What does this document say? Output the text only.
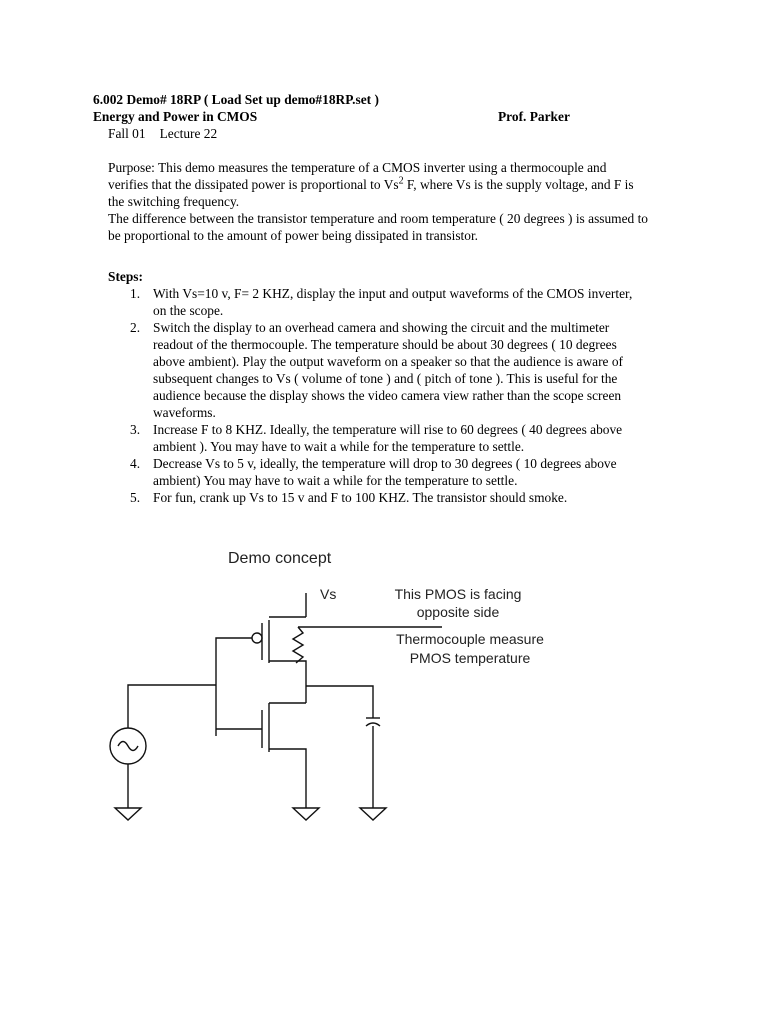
6.002 Demo# 18RP ( Load Set up demo#18RP.set )
Energy and Power in CMOS	Prof. Parker
Fall 01 Lecture 22

Purpose: This demo measures the temperature of a CMOS inverter using a thermocouple and verifies that the dissipated power is proportional to Vs$^2$ F, where Vs is the supply voltage, and F is the switching frequency.

The difference between the transistor temperature and room temperature ( 20 degrees ) is assumed to be proportional to the amount of power being dissipated in transistor.

Steps:
1. With Vs=10 v, F= 2 KHZ, display the input and output waveforms of the CMOS inverter, on the scope.
2. Switch the display to an overhead camera and showing the circuit and the multimeter readout of the thermocouple. The temperature should be about 30 degrees ( 10 degrees above ambient). Play the output waveform on a speaker so that the audience is aware of subsequent changes to Vs ( volume of tone ) and ( pitch of tone ). This is useful for the audience because the display shows the video camera view rather than the scope screen waveforms.
3. Increase F to 8 KHZ. Ideally, the temperature will rise to 60 degrees ( 40 degrees above ambient ). You may have to wait a while for the temperature to settle.
4. Decrease Vs to 5 v, ideally, the temperature will drop to 30 degrees ( 10 degrees above ambient) You may have to wait a while for the temperature to settle.
5. For fun, crank up Vs to 15 v and F to 100 KHZ. The transistor should smoke.
Demo concept
Vs	This PMOS is facing
opposite side
Thermocouple measure
PMOS temperature
